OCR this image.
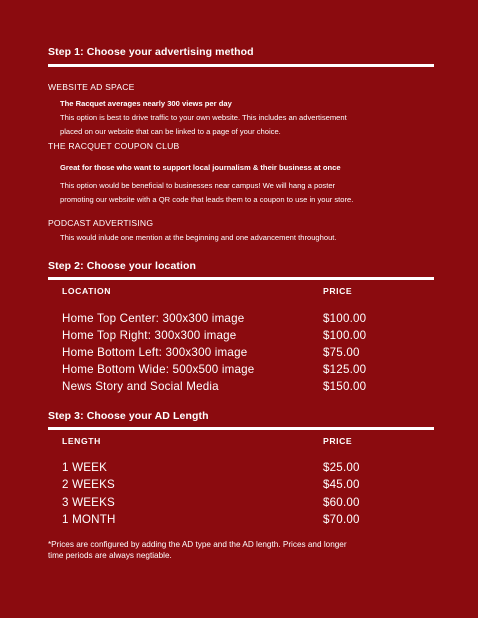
Step 1: Choose your advertising method
WEBSITE AD SPACE
The Racquet averages nearly 300 views per day
This option is best to drive traffic to your own website. This includes an advertisement
placed on our website that can be linked to a page of your choice.
THE RACQUET COUPON CLUB
Great for those who want to support local journalism & their business at once
This option would be beneficial to businesses near campus! We will hang a poster
promoting our website with a QR code that leads them to a coupon to use in your store.
PODCAST ADVERTISING
This would inlude one mention at the beginning and one advancement throughout.
Step 2: Choose your location
LOCATION	PRICE
Home Top Center: 300x300 image	$100.00
Home Top Right: 300x300 image	$100.00
Home Bottom Left: 300x300 image	$75.00
Home Bottom Wide: 500x500 image	$125.00
News Story and Social Media	$150.00
Step 3: Choose your AD Length
LENGTH	PRICE
1 WEEK	$25.00
2 WEEKS	$45.00
3 WEEKS	$60.00
1 MONTH	$70.00
*Prices are configured by adding the AD type and the AD length. Prices and longer
time periods are always negtiable.
